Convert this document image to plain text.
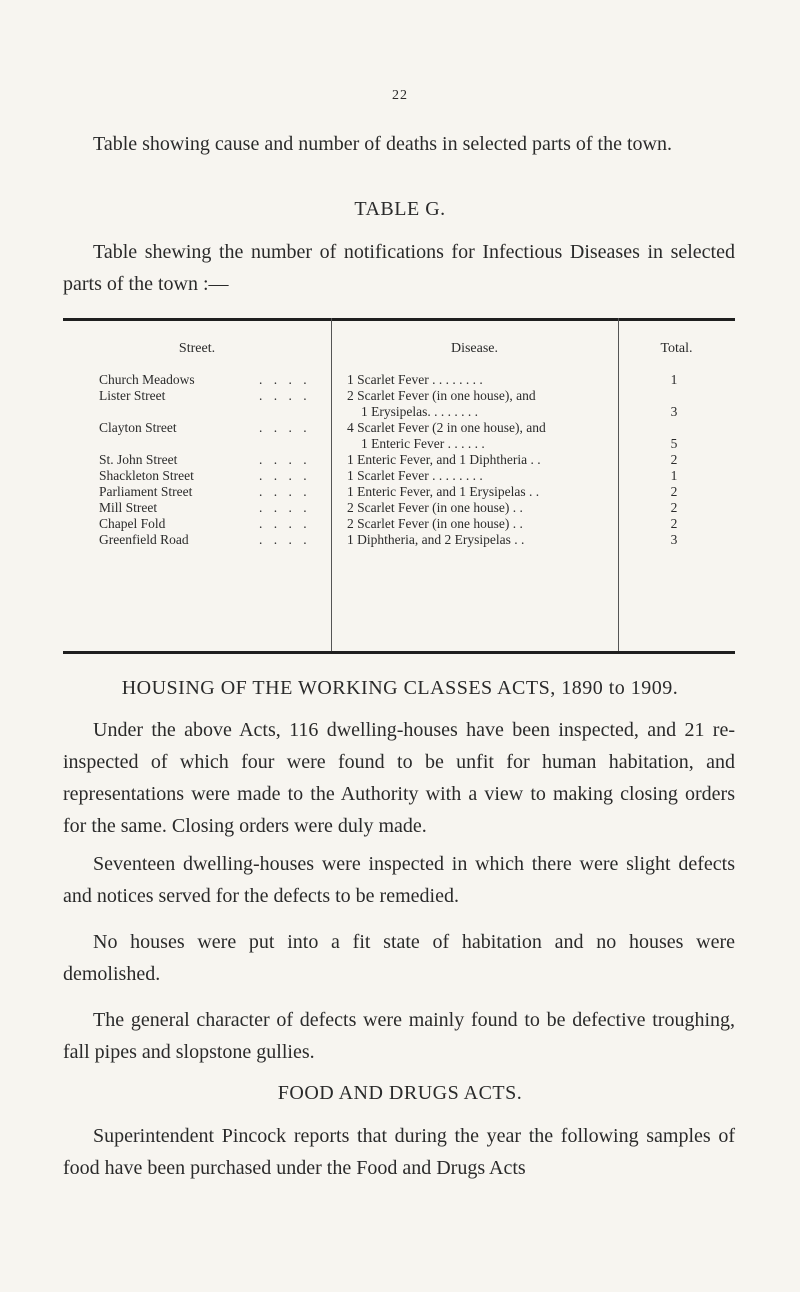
22
Table showing cause and number of deaths in selected parts of the town.
TABLE G.
Table shewing the number of notifications for Infectious Diseases in selected parts of the town :—
Street.	Disease.	Total.
Church Meadows	. . . .	1 Scarlet Fever . . . . . . . .	1
Lister Street	. . . .	2 Scarlet Fever (in one house), and
1 Erysipelas. . . . . . . .	3
Clayton Street	. . . .	4 Scarlet Fever (2 in one house), and
1 Enteric Fever . . . . . .	5
St. John Street	. . . .	1 Enteric Fever, and 1 Diphtheria . .	2
Shackleton Street	. . . .	1 Scarlet Fever . . . . . . . .	1
Parliament Street	. . . .	1 Enteric Fever, and 1 Erysipelas . .	2
Mill Street	. . . .	2 Scarlet Fever (in one house) . .	2
Chapel Fold	. . . .	2 Scarlet Fever (in one house) . .	2
Greenfield Road	. . . .	1 Diphtheria, and 2 Erysipelas . .	3
HOUSING OF THE WORKING CLASSES ACTS, 1890 to 1909.
Under the above Acts, 116 dwelling-houses have been inspected, and 21 re-inspected of which four were found to be unfit for human habitation, and representations were made to the Authority with a view to making closing orders for the same. Closing orders were duly made.
Seventeen dwelling-houses were inspected in which there were slight defects and notices served for the defects to be remedied.
No houses were put into a fit state of habitation and no houses were demolished.
The general character of defects were mainly found to be defective troughing, fall pipes and slopstone gullies.
FOOD AND DRUGS ACTS.
Superintendent Pincock reports that during the year the following samples of food have been purchased under the Food and Drugs Acts
